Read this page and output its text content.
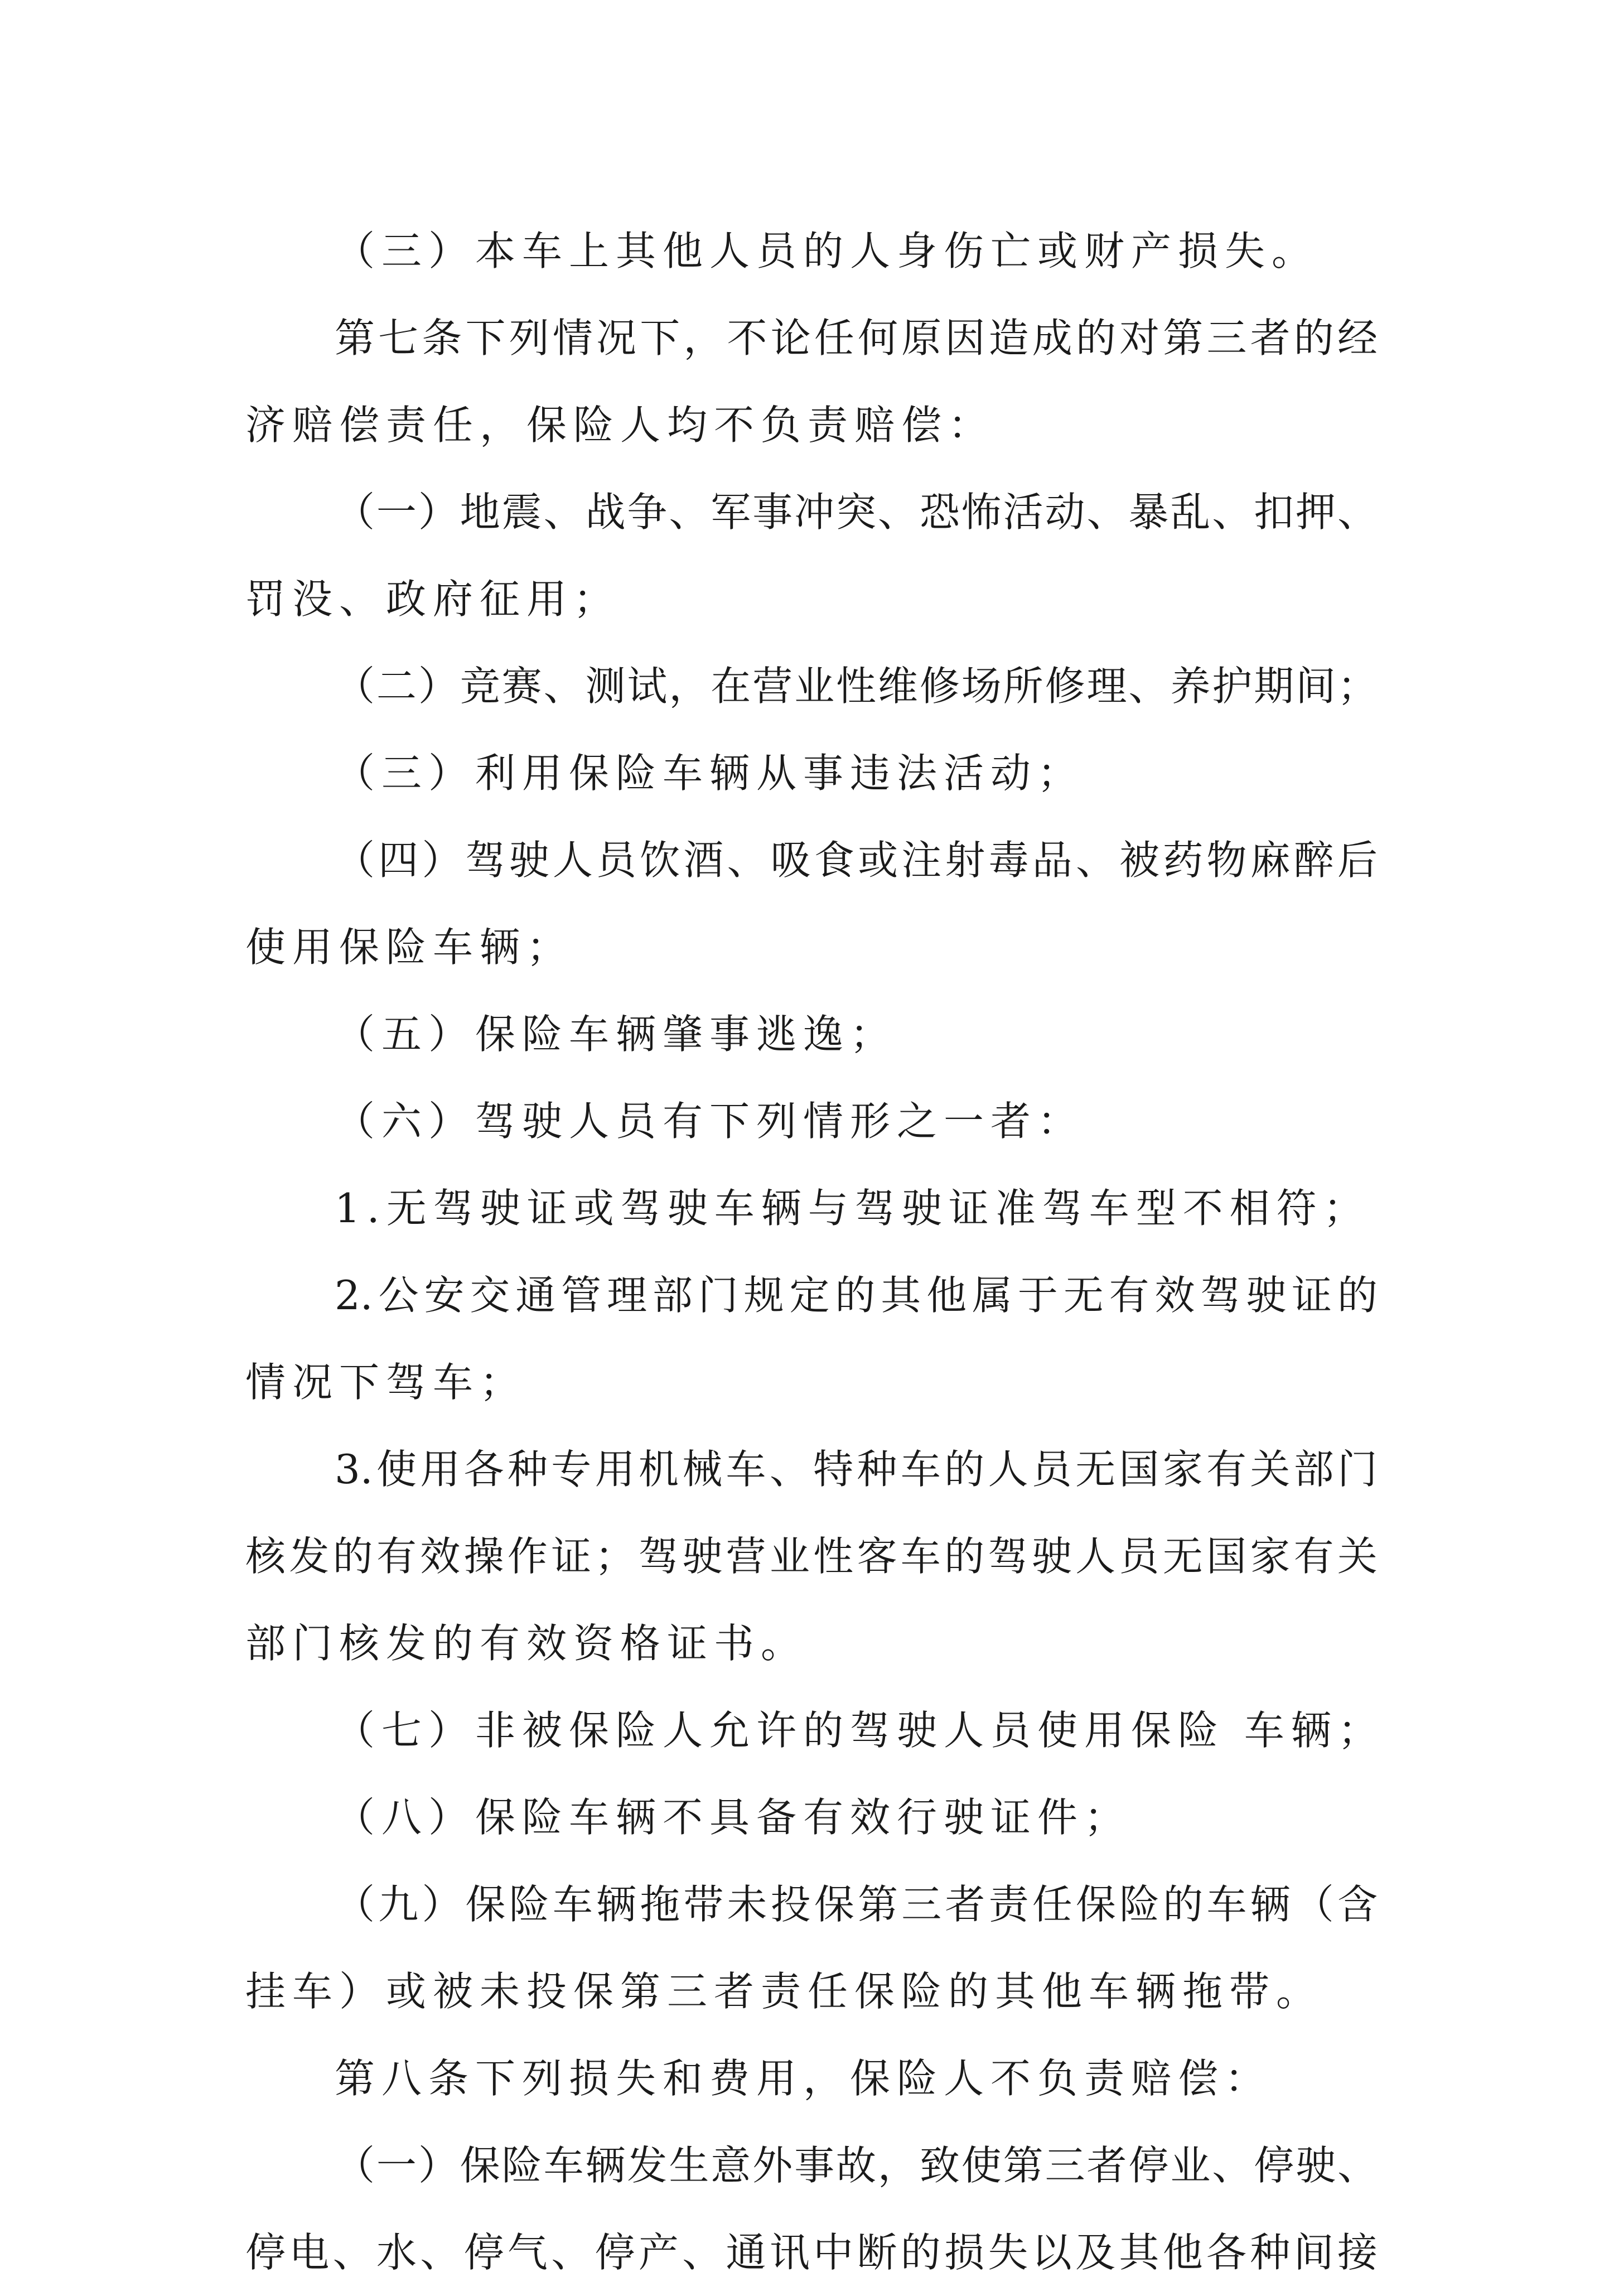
（三）本车上其他人员的人身伤亡或财产损失。
第七条下列情况下，不论任何原因造成的对第三者的经
济赔偿责任，保险人均不负责赔偿：
（一）地震、战争、军事冲突、恐怖活动、暴乱、扣押、
罚没、政府征用；
（二）竞赛、测试，在营业性维修场所修理、养护期间；
（三）利用保险车辆从事违法活动；
（四）驾驶人员饮酒、吸食或注射毒品、被药物麻醉后
使用保险车辆；
（五）保险车辆肇事逃逸；
（六）驾驶人员有下列情形之一者：
1.无驾驶证或驾驶车辆与驾驶证准驾车型不相符；
2.公安交通管理部门规定的其他属于无有效驾驶证的
情况下驾车；
3.使用各种专用机械车、特种车的人员无国家有关部门
核发的有效操作证；驾驶营业性客车的驾驶人员无国家有关
部门核发的有效资格证书。
（七）非被保险人允许的驾驶人员使用保险 车辆；
（八）保险车辆不具备有效行驶证件；
（九）保险车辆拖带未投保第三者责任保险的车辆（含
挂车）或被未投保第三者责任保险的其他车辆拖带。
第八条下列损失和费用，保险人不负责赔偿：
（一）保险车辆发生意外事故，致使第三者停业、停驶、
停电、水、停气、停产、通讯中断的损失以及其他各种间接
